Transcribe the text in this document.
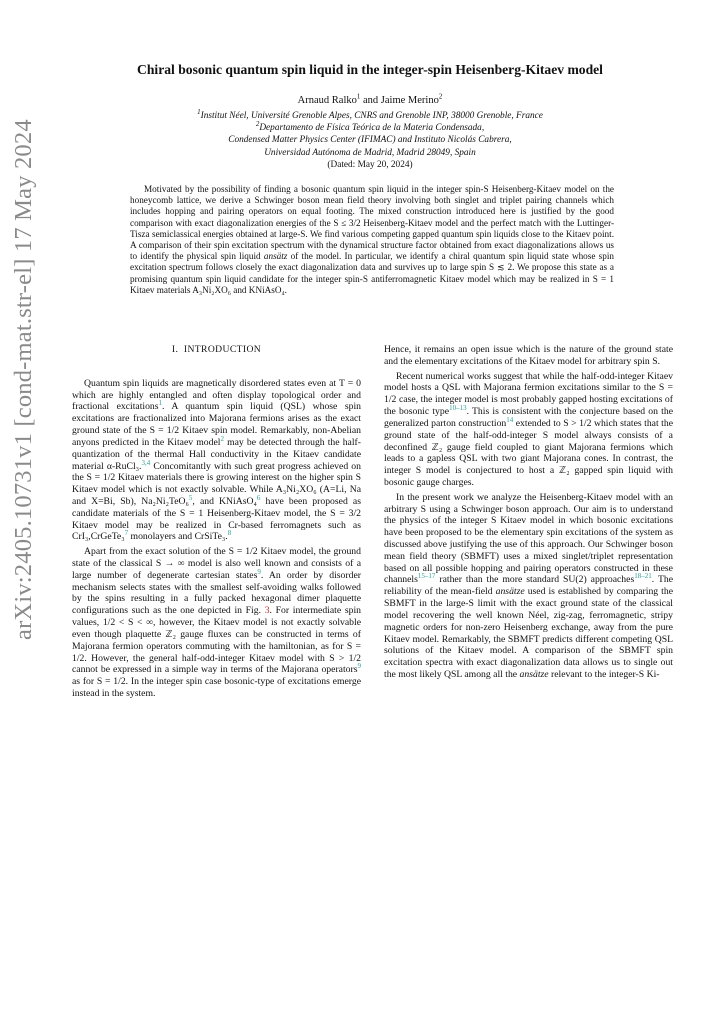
arXiv:2405.10731v1 [cond-mat.str-el] 17 May 2024
Chiral bosonic quantum spin liquid in the integer-spin Heisenberg-Kitaev model
Arnaud Ralko$^1$ and Jaime Merino$^2$
$^1$Institut Néel, Université Grenoble Alpes, CNRS and Grenoble INP, 38000 Grenoble, France
$^2$Departamento de Física Teórica de la Materia Condensada,
Condensed Matter Physics Center (IFIMAC) and Instituto Nicolás Cabrera,
Universidad Autónoma de Madrid, Madrid 28049, Spain
(Dated: May 20, 2024)

Motivated by the possibility of finding a bosonic quantum spin liquid in the integer spin-S Heisenberg-Kitaev model on the honeycomb lattice, we derive a Schwinger boson mean field theory involving both singlet and triplet pairing channels which includes hopping and pairing operators on equal footing. The mixed construction introduced here is justified by the good comparison with exact diagonalization energies of the S ≤ 3/2 Heisenberg-Kitaev model and the perfect match with the Luttinger-Tisza semiclassical energies obtained at large-S. We find various competing gapped quantum spin liquids close to the Kitaev point. A comparison of their spin excitation spectrum with the dynamical structure factor obtained from exact diagonalizations allows us to identify the physical spin liquid ansätz of the model. In particular, we identify a chiral quantum spin liquid state whose spin excitation spectrum follows closely the exact diagonalization data and survives up to large spin S ≲ 2. We propose this state as a promising quantum spin liquid candidate for the integer spin-S antiferromagnetic Kitaev model which may be realized in S = 1 Kitaev materials A₃Ni₂XO₆ and KNiAsO₄.

I. INTRODUCTION

Quantum spin liquids are magnetically disordered states even at T = 0 which are highly entangled and often display topological order and fractional excitations$^1$. A quantum spin liquid (QSL) whose spin excitations are fractionalized into Majorana fermions arises as the exact ground state of the S = 1/2 Kitaev spin model. Remarkably, non-Abelian anyons predicted in the Kitaev model$^2$ may be detected through the half-quantization of the thermal Hall conductivity in the Kitaev candidate material α-RuCl₃.$^{3,4}$ Concomitantly with such great progress achieved on the S = 1/2 Kitaev materials there is growing interest on the higher spin S Kitaev model which is not exactly solvable. While A₃Ni₂XO₆ (A=Li, Na and X=Bi, Sb), Na₂Ni₂TeO₆$^5$, and KNiAsO₄$^6$ have been proposed as candidate materials of the S = 1 Heisenberg-Kitaev model, the S = 3/2 Kitaev model may be realized in Cr-based ferromagnets such as CrI₃,CrGeTe₃$^7$ monolayers and CrSiTe₃.$^8$

Apart from the exact solution of the S = 1/2 Kitaev model, the ground state of the classical S → ∞ model is also well known and consists of a large number of degenerate cartesian states$^9$. An order by disorder mechanism selects states with the smallest self-avoiding walks followed by the spins resulting in a fully packed hexagonal dimer plaquette configurations such as the one depicted in Fig. 3. For intermediate spin values, 1/2 < S < ∞, however, the Kitaev model is not exactly solvable even though plaquette ℤ₂ gauge fluxes can be constructed in terms of Majorana fermion operators commuting with the hamiltonian, as for S = 1/2. However, the general half-odd-integer Kitaev model with S > 1/2 cannot be expressed in a simple way in terms of the Majorana operators$^9$ as for S = 1/2. In the integer spin case bosonic-type of excitations emerge instead in the system.

Hence, it remains an open issue which is the nature of the ground state and the elementary excitations of the Kitaev model for arbitrary spin S.

Recent numerical works suggest that while the half-odd-integer Kitaev model hosts a QSL with Majorana fermion excitations similar to the S = 1/2 case, the integer model is most probably gapped hosting excitations of the bosonic type$^{10-13}$. This is consistent with the conjecture based on the generalized parton construction$^{14}$ extended to S > 1/2 which states that the ground state of the half-odd-integer S model always consists of a deconfined ℤ₂ gauge field coupled to giant Majorana fermions which leads to a gapless QSL with two giant Majorana cones. In contrast, the integer S model is conjectured to host a ℤ₂ gapped spin liquid with bosonic gauge charges.

In the present work we analyze the Heisenberg-Kitaev model with an arbitrary S using a Schwinger boson approach. Our aim is to understand the physics of the integer S Kitaev model in which bosonic excitations have been proposed to be the elementary spin excitations of the system as discussed above justifying the use of this approach. Our Schwinger boson mean field theory (SBMFT) uses a mixed singlet/triplet representation based on all possible hopping and pairing operators constructed in these channels$^{15-17}$ rather than the more standard SU(2) approaches$^{18-21}$. The reliability of the mean-field ansätze used is established by comparing the SBMFT in the large-S limit with the exact ground state of the classical model recovering the well known Néel, zig-zag, ferromagnetic, stripy magnetic orders for non-zero Heisenberg exchange, away from the pure Kitaev model. Remarkably, the SBMFT predicts different competing QSL solutions of the Kitaev model. A comparison of the SBMFT spin excitation spectra with exact diagonalization data allows us to single out the most likely QSL among all the ansätze relevant to the integer-S Ki-
